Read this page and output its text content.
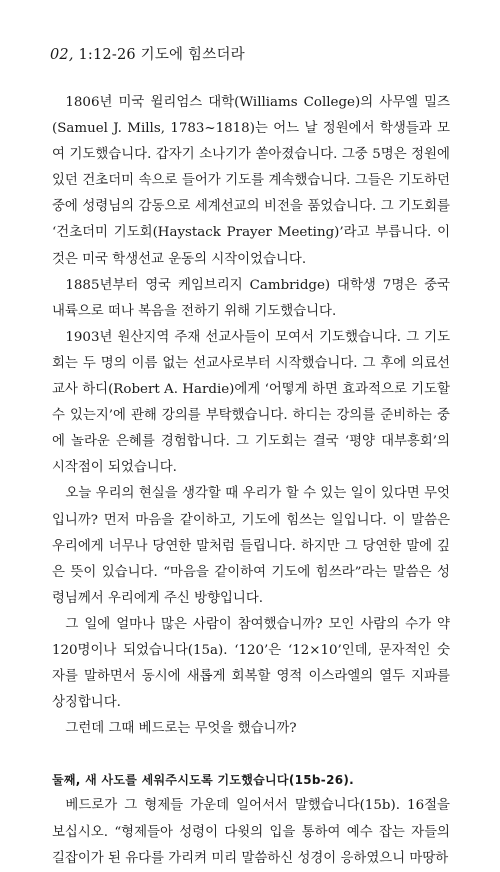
02, 1:12-26 기도에 힘쓰더라

1806년 미국 윌리엄스 대학(Williams College)의 사무엘 밀즈(Samuel J. Mills, 1783~1818)는 어느 날 정원에서 학생들과 모여 기도했습니다. 갑자기 소나기가 쏟아졌습니다. 그중 5명은 정원에 있던 건초더미 속으로 들어가 기도를 계속했습니다. 그들은 기도하던 중에 성령님의 감동으로 세계선교의 비전을 품었습니다. 그 기도회를 ‘건초더미 기도회(Haystack Prayer Meeting)’라고 부릅니다. 이것은 미국 학생선교 운동의 시작이었습니다.

1885년부터 영국 케임브리지 Cambridge) 대학생 7명은 중국 내륙으로 떠나 복음을 전하기 위해 기도했습니다.

1903년 원산지역 주재 선교사들이 모여서 기도했습니다. 그 기도회는 두 명의 이름 없는 선교사로부터 시작했습니다. 그 후에 의료선교사 하디(Robert A. Hardie)에게 ‘어떻게 하면 효과적으로 기도할 수 있는지’에 관해 강의를 부탁했습니다. 하디는 강의를 준비하는 중에 놀라운 은혜를 경험합니다. 그 기도회는 결국 ‘평양 대부흥회’의 시작점이 되었습니다.

오늘 우리의 현실을 생각할 때 우리가 할 수 있는 일이 있다면 무엇입니까? 먼저 마음을 같이하고, 기도에 힘쓰는 일입니다. 이 말씀은 우리에게 너무나 당연한 말처럼 들립니다. 하지만 그 당연한 말에 깊은 뜻이 있습니다. “마음을 같이하여 기도에 힘쓰라”라는 말씀은 성령님께서 우리에게 주신 방향입니다.

그 일에 얼마나 많은 사람이 참여했습니까? 모인 사람의 수가 약 120명이나 되었습니다(15a). ‘120’은 ‘12×10’인데, 문자적인 숫자를 말하면서 동시에 새롭게 회복할 영적 이스라엘의 열두 지파를 상징합니다.

그런데 그때 베드로는 무엇을 했습니까?

둘째, 새 사도를 세워주시도록 기도했습니다(15b-26).

베드로가 그 형제들 가운데 일어서서 말했습니다(15b). 16절을 보십시오. “형제들아 성령이 다윗의 입을 통하여 예수 잡는 자들의 길잡이가 된 유다를 가리켜 미리 말씀하신 성경이 응하였으니 마땅하
